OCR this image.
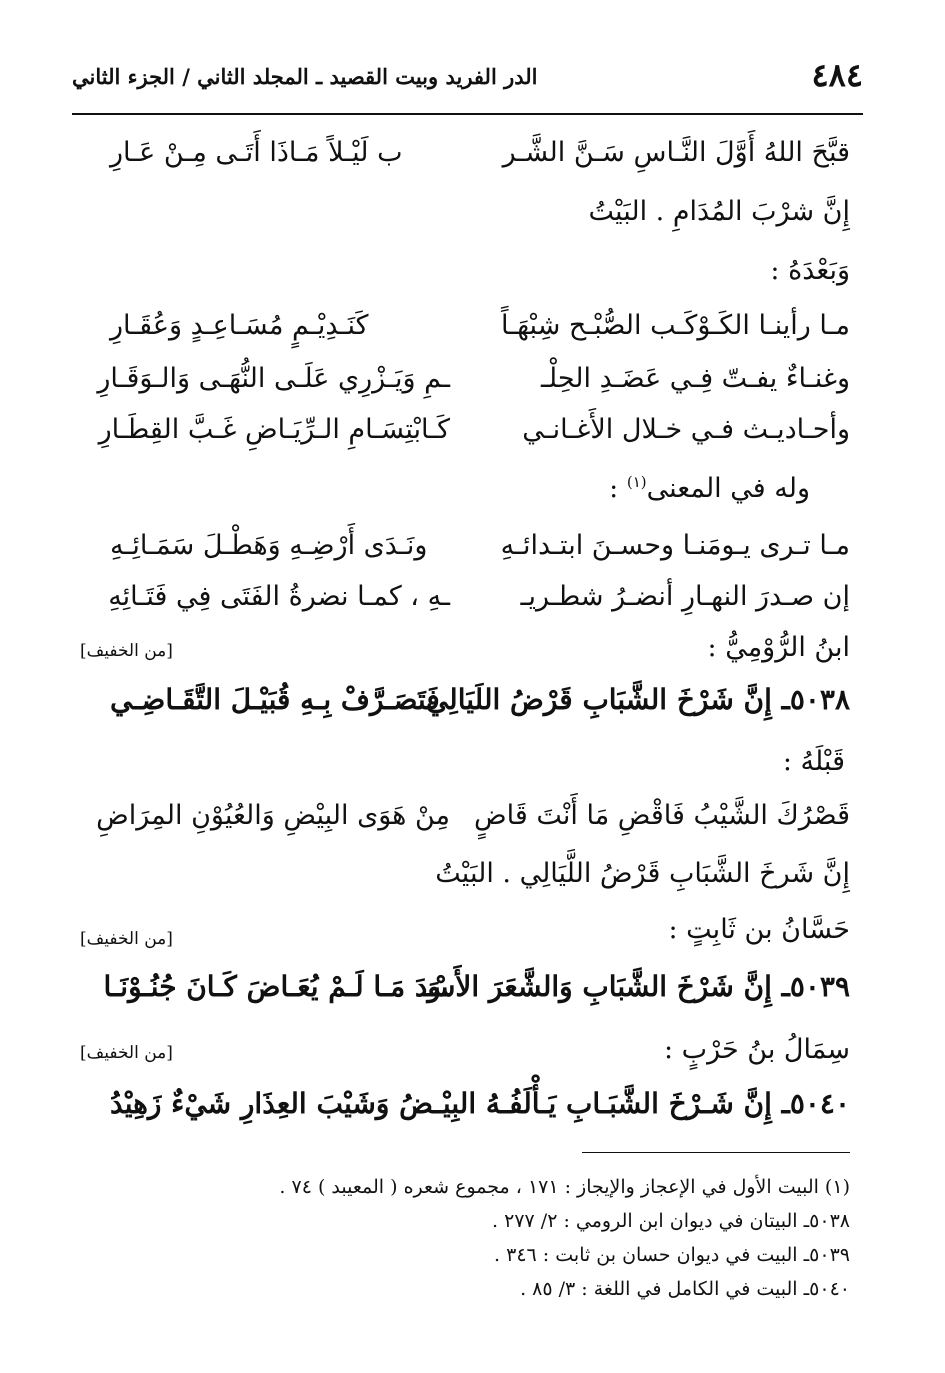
٤٨٤
الدر الفريد وبيت القصيد ـ المجلد الثاني / الجزء الثاني
قبَّحَ اللهُ أَوَّلَ النَّـاسِ سَـنَّ الشَّـر
ب لَيْـلاً مَـاذَا أَتَـى مِـنْ عَـارِ
إِنَّ شرْبَ المُدَامِ . البَيْتُ
وَبَعْدَهُ :
مـا رأينـا الكَـوْكَـب الصُّبْـح شِبْهَـاً
كَنَـدِيْـمٍ مُسَـاعِـدٍ وَعُقَـارِ
وغنـاءٌ يفـتّ فِـي عَضَـدِ الحِلْـ
ـمِ وَيَـزْرِي عَلَـى النُّهَـى وَالـوَقَـارِ
وأحـاديـث فـي خـلال الأَغـانـي
كَـابْتِسَـامِ الـرِّيَـاضِ غَـبَّ القِطَـارِ
وله في المعنى$^{(١)}$ :
مـا تـرى يـومَنـا وحسـنَ ابتـدائـهِ
ونَـدَى أَرْضِـهِ وَهَطْـلَ سَمَـائِـهِ
إن صـدرَ النهـارِ أنضـرُ شطـريـ
ـهِ ، كمـا نضرةُ الفَتَى فِي فَتَـائِهِ
ابنُ الرُّوْمِيُّ :
[من الخفيف]
٥٠٣٨ـ إِنَّ شَرْخَ الشَّبَابِ قَرْضُ اللَيَالِي
فَتَصَـرَّفْ بِـهِ قُبَيْـلَ التَّقَـاضِـي
قَبْلَهُ :
قَصْرُكَ الشَّيْبُ فَاقْضِ مَا أَنْتَ قَاضٍ
مِنْ هَوَى البِيْضِ وَالعُيُوْنِ المِرَاضِ
إِنَّ شَرخَ الشَّبَابِ قَرْضُ اللَّيَالِي . البَيْتُ
حَسَّانُ بن ثَابِتٍ :
[من الخفيف]
٥٠٣٩ـ إِنَّ شَرْخَ الشَّبَابِ وَالشَّعَرَ الأَسْـ
ـوَدَ مَـا لَـمْ يُعَـاضَ كَـانَ جُنُـوْنَـا
سِمَالُ بنُ حَرْبٍ :
[من الخفيف]
٥٠٤٠ـ إِنَّ شَـرْخَ الشَّبَـابِ يَـأْلَفُـهُ البِيْـ
ـضُ وَشَيْبَ العِذَارِ شَيْءٌ زَهِيْدُ
(١) البيت الأول في الإعجاز والإيجاز : ١٧١ ، مجموع شعره ( المعيبد ) ٧٤ .
٥٠٣٨ـ البيتان في ديوان ابن الرومي : ٢/ ٢٧٧ .
٥٠٣٩ـ البيت في ديوان حسان بن ثابت : ٣٤٦ .
٥٠٤٠ـ البيت في الكامل في اللغة : ٣/ ٨٥ .
